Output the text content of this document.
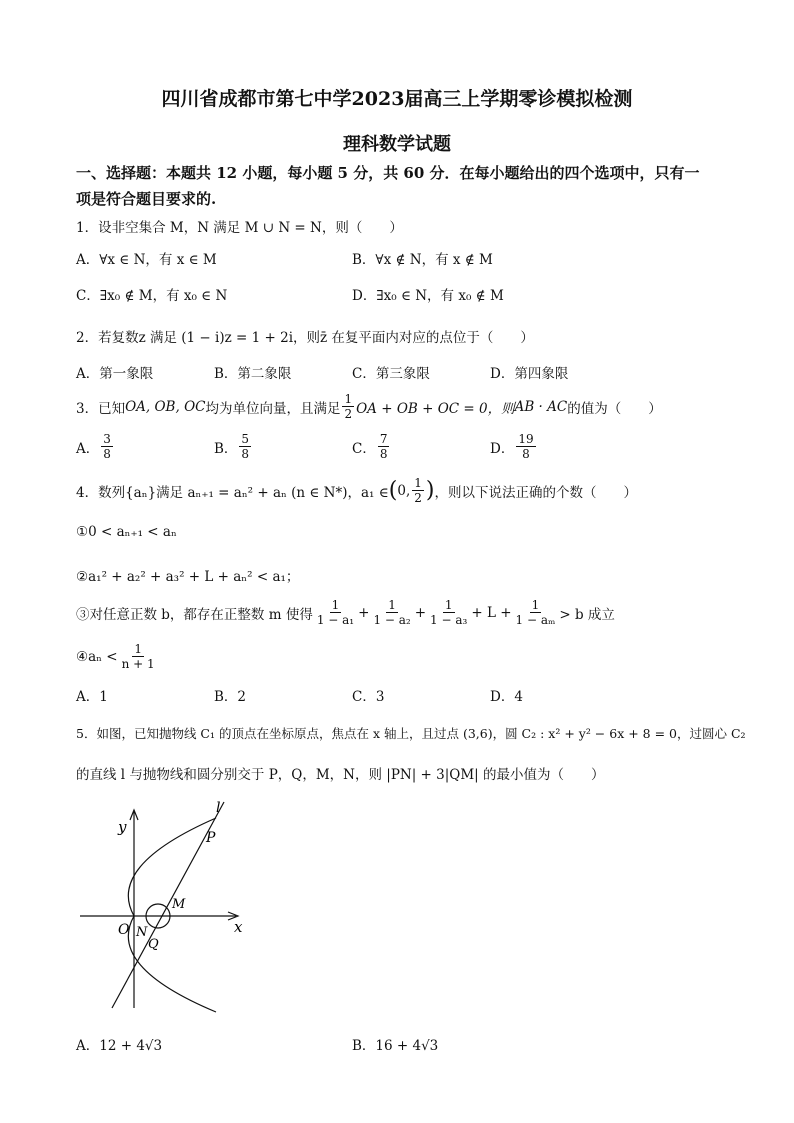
四川省成都市第七中学2023届高三上学期零诊模拟检测
理科数学试题
一、选择题：本题共 12 小题，每小题 5 分，共 60 分．在每小题给出的四个选项中，只有一
项是符合题目要求的.
1．设非空集合 M，N 满足 M ∪ N = N，则（　　）
A．∀x ∈ N，有 x ∈ M	B．∀x ∉ N，有 x ∉ M
C．∃x₀ ∉ M，有 x₀ ∈ N	D．∃x₀ ∈ N，有 x₀ ∉ M
2．若复数z 满足 (1 − i)z = 1 + 2i，则z̄ 在复平面内对应的点位于（　　）
A．第一象限	B．第二象限	C．第三象限	D．第四象限
3．已知 OA, OB, OC 均为单位向量，且满足 $\frac{1}{2}$ OA + OB + OC = 0，则 AB · AC 的值为（　　）
A． $\frac{3}{8}$	B． $\frac{5}{8}$	C． $\frac{7}{8}$	D． $\frac{19}{8}$
4．数列{aₙ}满足 aₙ₊₁ = aₙ² + aₙ (n ∈ N*)，a₁ ∈ ( 0, $\frac{1}{2}$ ) ，则以下说法正确的个数（　　）
①0 < aₙ₊₁ < aₙ
②a₁² + a₂² + a₃² + L + aₙ² < a₁；
③对任意正数 b，都存在正整数 m 使得 $\frac{1}{\text{1 − a₁}} + \frac{1}{\text{1 − a₂}} + \frac{1}{\text{1 − a₃}} + L + \frac{1}{\text{1 − aₘ}} > b$ 成立
④aₙ < $\frac{1}{n + 1}$
A．1	B．2	C．3	D．4
5．如图，已知抛物线 C₁ 的顶点在坐标原点，焦点在 x 轴上，且过点 (3,6)，圆 C₂ : x² + y² − 6x + 8 = 0，过圆心 C₂
的直线 l 与抛物线和圆分别交于 P，Q，M，N，则 |PN| + 3|QM| 的最小值为（　　）
y
x
O N
Q
M
P
l
A．12 + 4√3	B．16 + 4√3
